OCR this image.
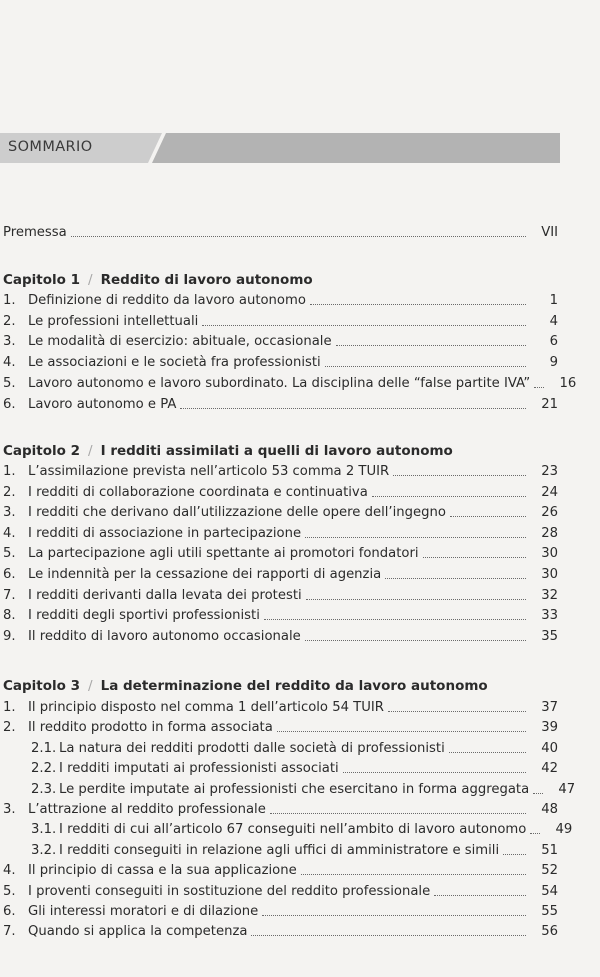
SOMMARIO
Premessa	VII
Capitolo 1 / Reddito di lavoro autonomo
1. Definizione di reddito da lavoro autonomo	1
2. Le professioni intellettuali	4
3. Le modalità di esercizio: abituale, occasionale	6
4. Le associazioni e le società fra professionisti	9
5. Lavoro autonomo e lavoro subordinato. La disciplina delle “false partite IVA”	16
6. Lavoro autonomo e PA	21
Capitolo 2 / I redditi assimilati a quelli di lavoro autonomo
1. L’assimilazione prevista nell’articolo 53 comma 2 TUIR	23
2. I redditi di collaborazione coordinata e continuativa	24
3. I redditi che derivano dall’utilizzazione delle opere dell’ingegno	26
4. I redditi di associazione in partecipazione	28
5. La partecipazione agli utili spettante ai promotori fondatori	30
6. Le indennità per la cessazione dei rapporti di agenzia	30
7. I redditi derivanti dalla levata dei protesti	32
8. I redditi degli sportivi professionisti	33
9. Il reddito di lavoro autonomo occasionale	35
Capitolo 3 / La determinazione del reddito da lavoro autonomo
1. Il principio disposto nel comma 1 dell’articolo 54 TUIR	37
2. Il reddito prodotto in forma associata	39
2.1. La natura dei redditi prodotti dalle società di professionisti	40
2.2. I redditi imputati ai professionisti associati	42
2.3. Le perdite imputate ai professionisti che esercitano in forma aggregata	47
3. L’attrazione al reddito professionale	48
3.1. I redditi di cui all’articolo 67 conseguiti nell’ambito di lavoro autonomo	49
3.2. I redditi conseguiti in relazione agli uffici di amministratore e simili	51
4. Il principio di cassa e la sua applicazione	52
5. I proventi conseguiti in sostituzione del reddito professionale	54
6. Gli interessi moratori e di dilazione	55
7. Quando si applica la competenza	56
